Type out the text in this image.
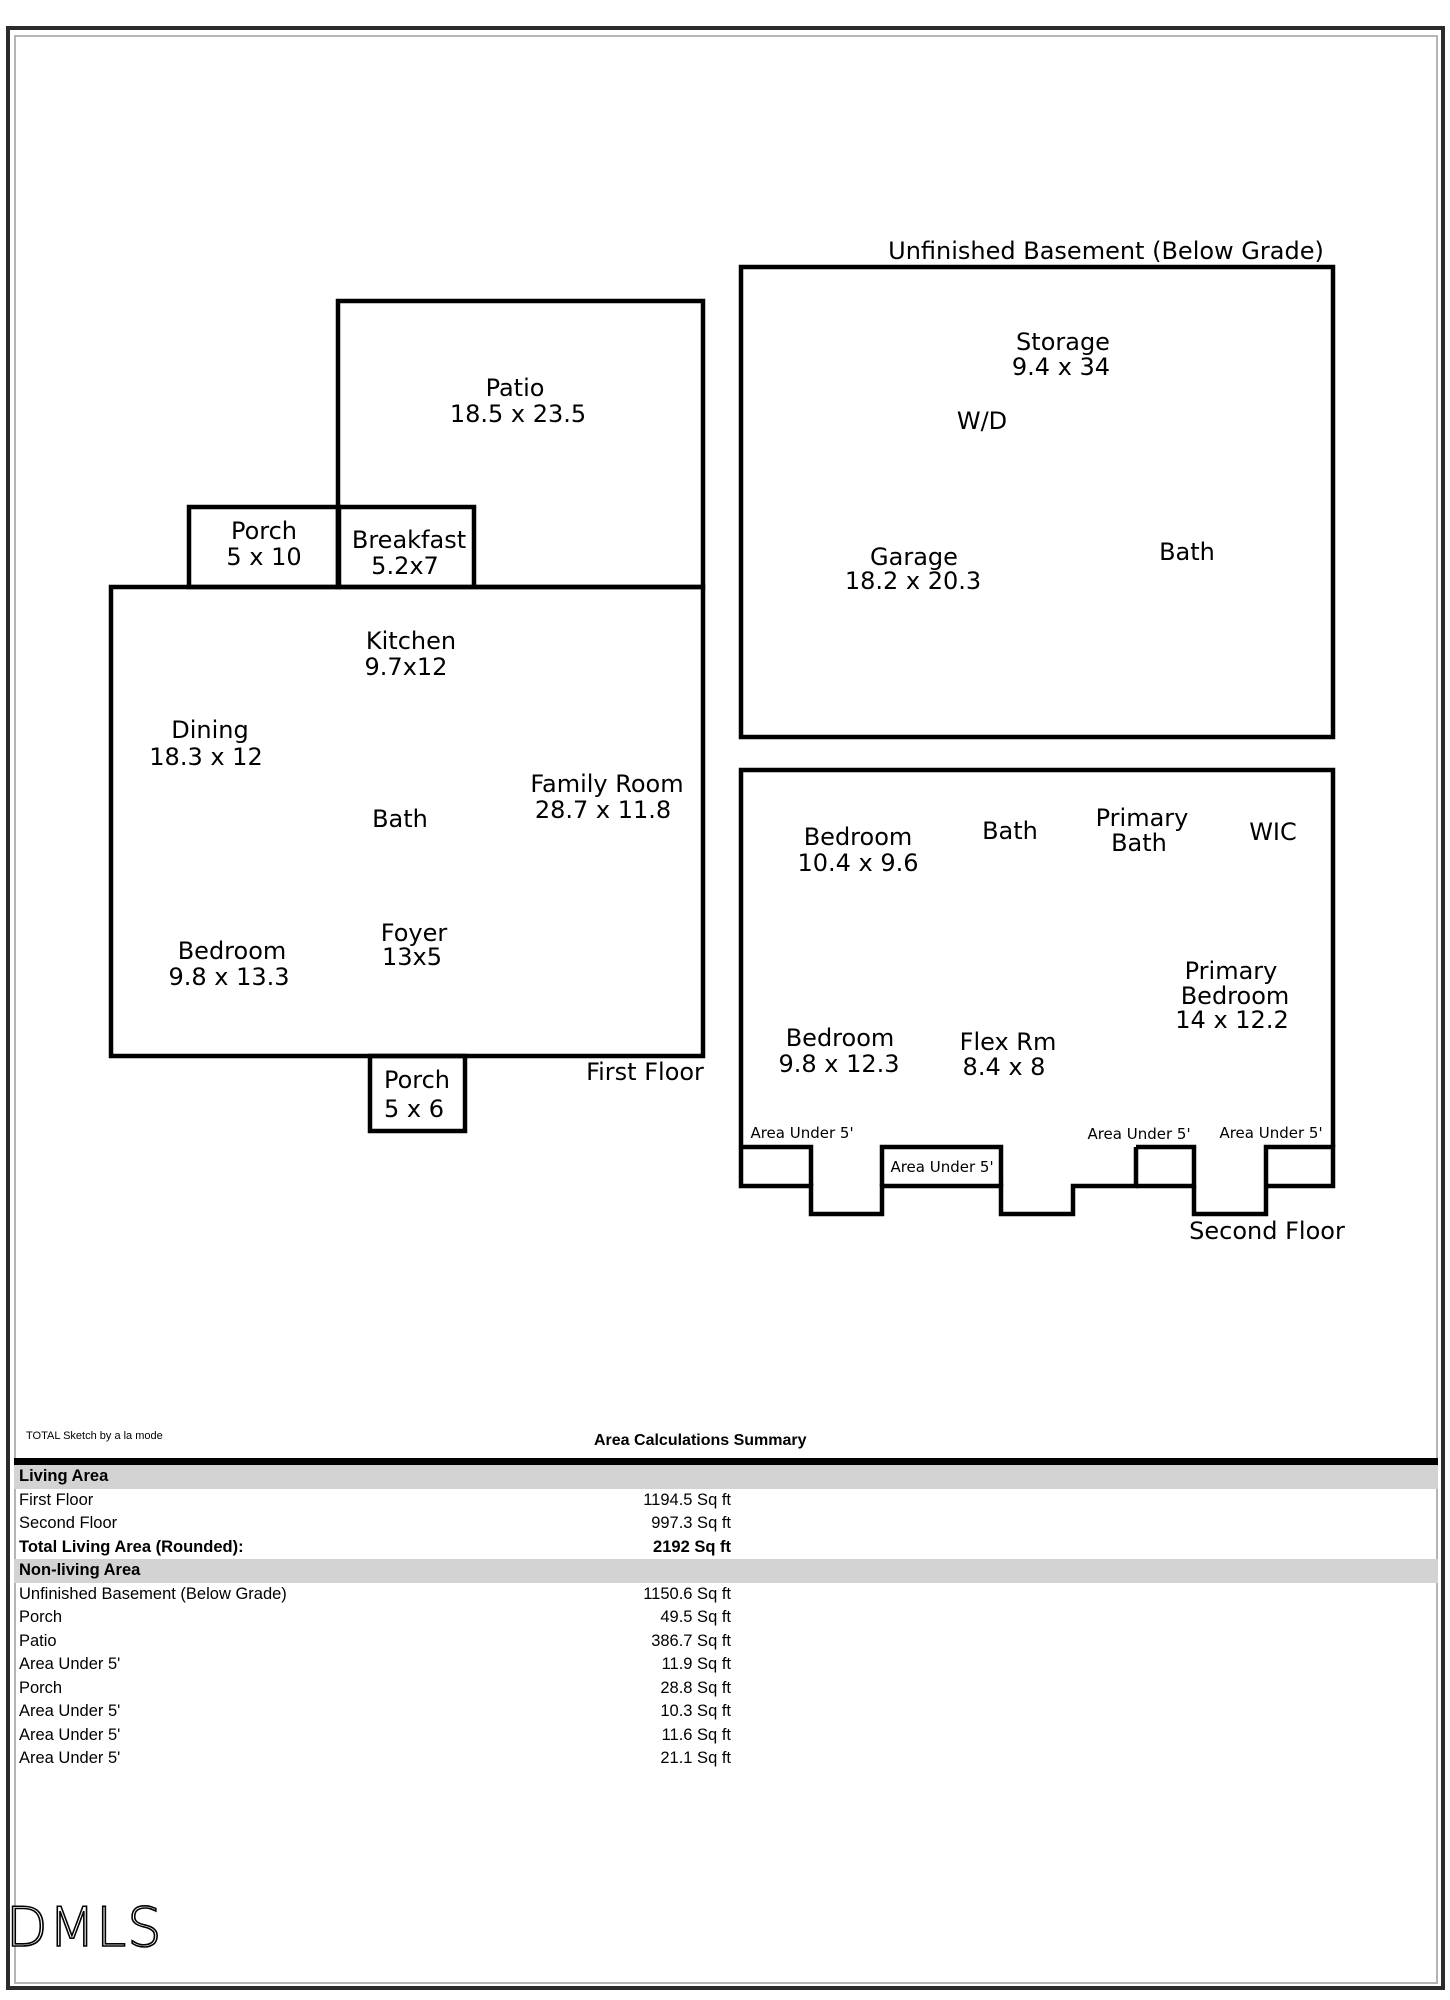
Unfinished Basement (Below Grade)
First Floor
Second Floor
Patio
18.5 x 23.5
Porch
5 x 10
Breakfast
5.2x7
Kitchen
9.7x12
Dining
18.3 x 12
Family Room
28.7 x 11.8
Bath
Bedroom
9.8 x 13.3
Foyer
13x5
Porch
5 x 6
Storage
9.4 x 34
W/D
Garage
18.2 x 20.3
Bath
Bedroom
10.4 x 9.6
Bath Primary
Bath	WIC
Primary
Bedroom
14 x 12.2
Bedroom
9.8 x 12.3
Flex Rm
8.4 x 8
Area Under 5'
Area Under 5'
Area Under 5' Area Under 5'
TOTAL Sketch by a la mode	Area Calculations Summary
Living Area
First Floor	1194.5 Sq ft
Second Floor	997.3 Sq ft
Total Living Area (Rounded):	2192 Sq ft
Non-living Area
Unfinished Basement (Below Grade)	1150.6 Sq ft
Porch	49.5 Sq ft
Patio	386.7 Sq ft
Area Under 5'	11.9 Sq ft
Porch	28.8 Sq ft
Area Under 5'	10.3 Sq ft
Area Under 5'	11.6 Sq ft
Area Under 5'	21.1 Sq ft
DMLS
